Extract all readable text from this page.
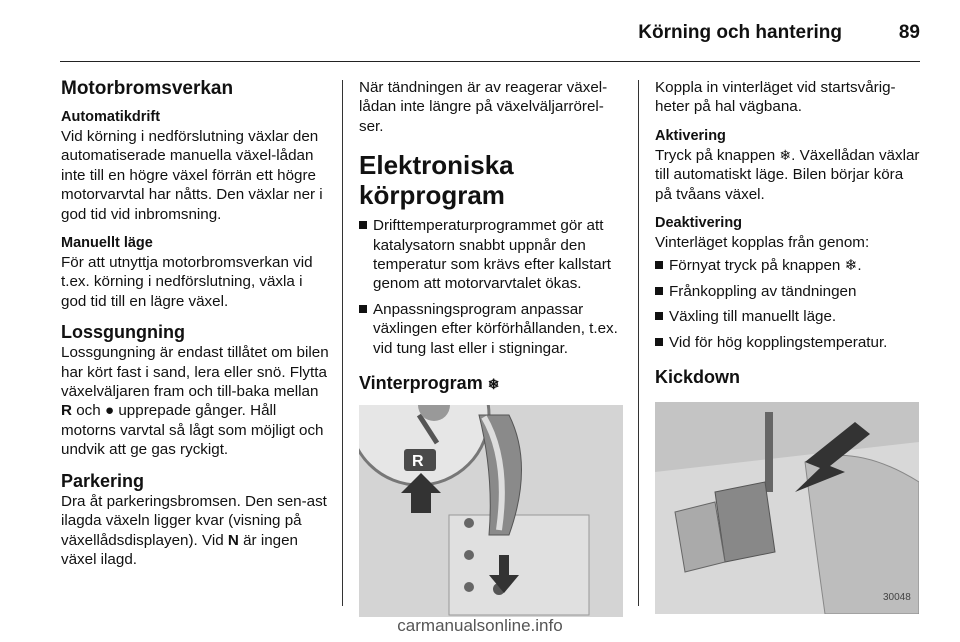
Körning och hantering	89
Motorbromsverkan
Automatikdrift

Vid körning i nedförslutning växlar den automatiserade manuella växel-lådan inte till en högre växel förrän ett högre motorvarvtal har nåtts. Den växlar ner i god tid vid inbromsning.

Manuellt läge

För att utnyttja motorbromsverkan vid t.ex. körning i nedförslutning, växla i god tid till en lägre växel.

Lossgungning

Lossgungning är endast tillåtet om bilen har kört fast i sand, lera eller snö. Flytta växelväljaren fram och till-baka mellan R och ● upprepade gånger. Håll motorns varvtal så lågt som möjligt och undvik att ge gas ryckigt.

Parkering

Dra åt parkeringsbromsen. Den sen-ast ilagda växeln ligger kvar (visning på växellådsdisplayen). Vid N är ingen växel ilagd.

När tändningen är av reagerar växel-lådan inte längre på växelväljarrörel-ser.

Elektroniska körprogram
Drifttemperaturprogrammet gör att katalysatorn snabbt uppnår den temperatur som krävs efter kallstart genom att motorvarvtalet ökas.
Anpassningsprogram anpassar växlingen efter körförhållanden, t.ex. vid tung last eller i stigningar.
Vinterprogram ❄
R

Koppla in vinterläget vid startsvårig-heter på hal vägbana.

Aktivering

Tryck på knappen ❄. Växellådan växlar till automatiskt läge. Bilen börjar köra på tvåans växel.

Deaktivering

Vinterläget kopplas från genom:

Förnyat tryck på knappen ❄.
Frånkoppling av tändningen
Växling till manuellt läge.
Vid för hög kopplingstemperatur.
Kickdown
30048
carmanualsonline.info
